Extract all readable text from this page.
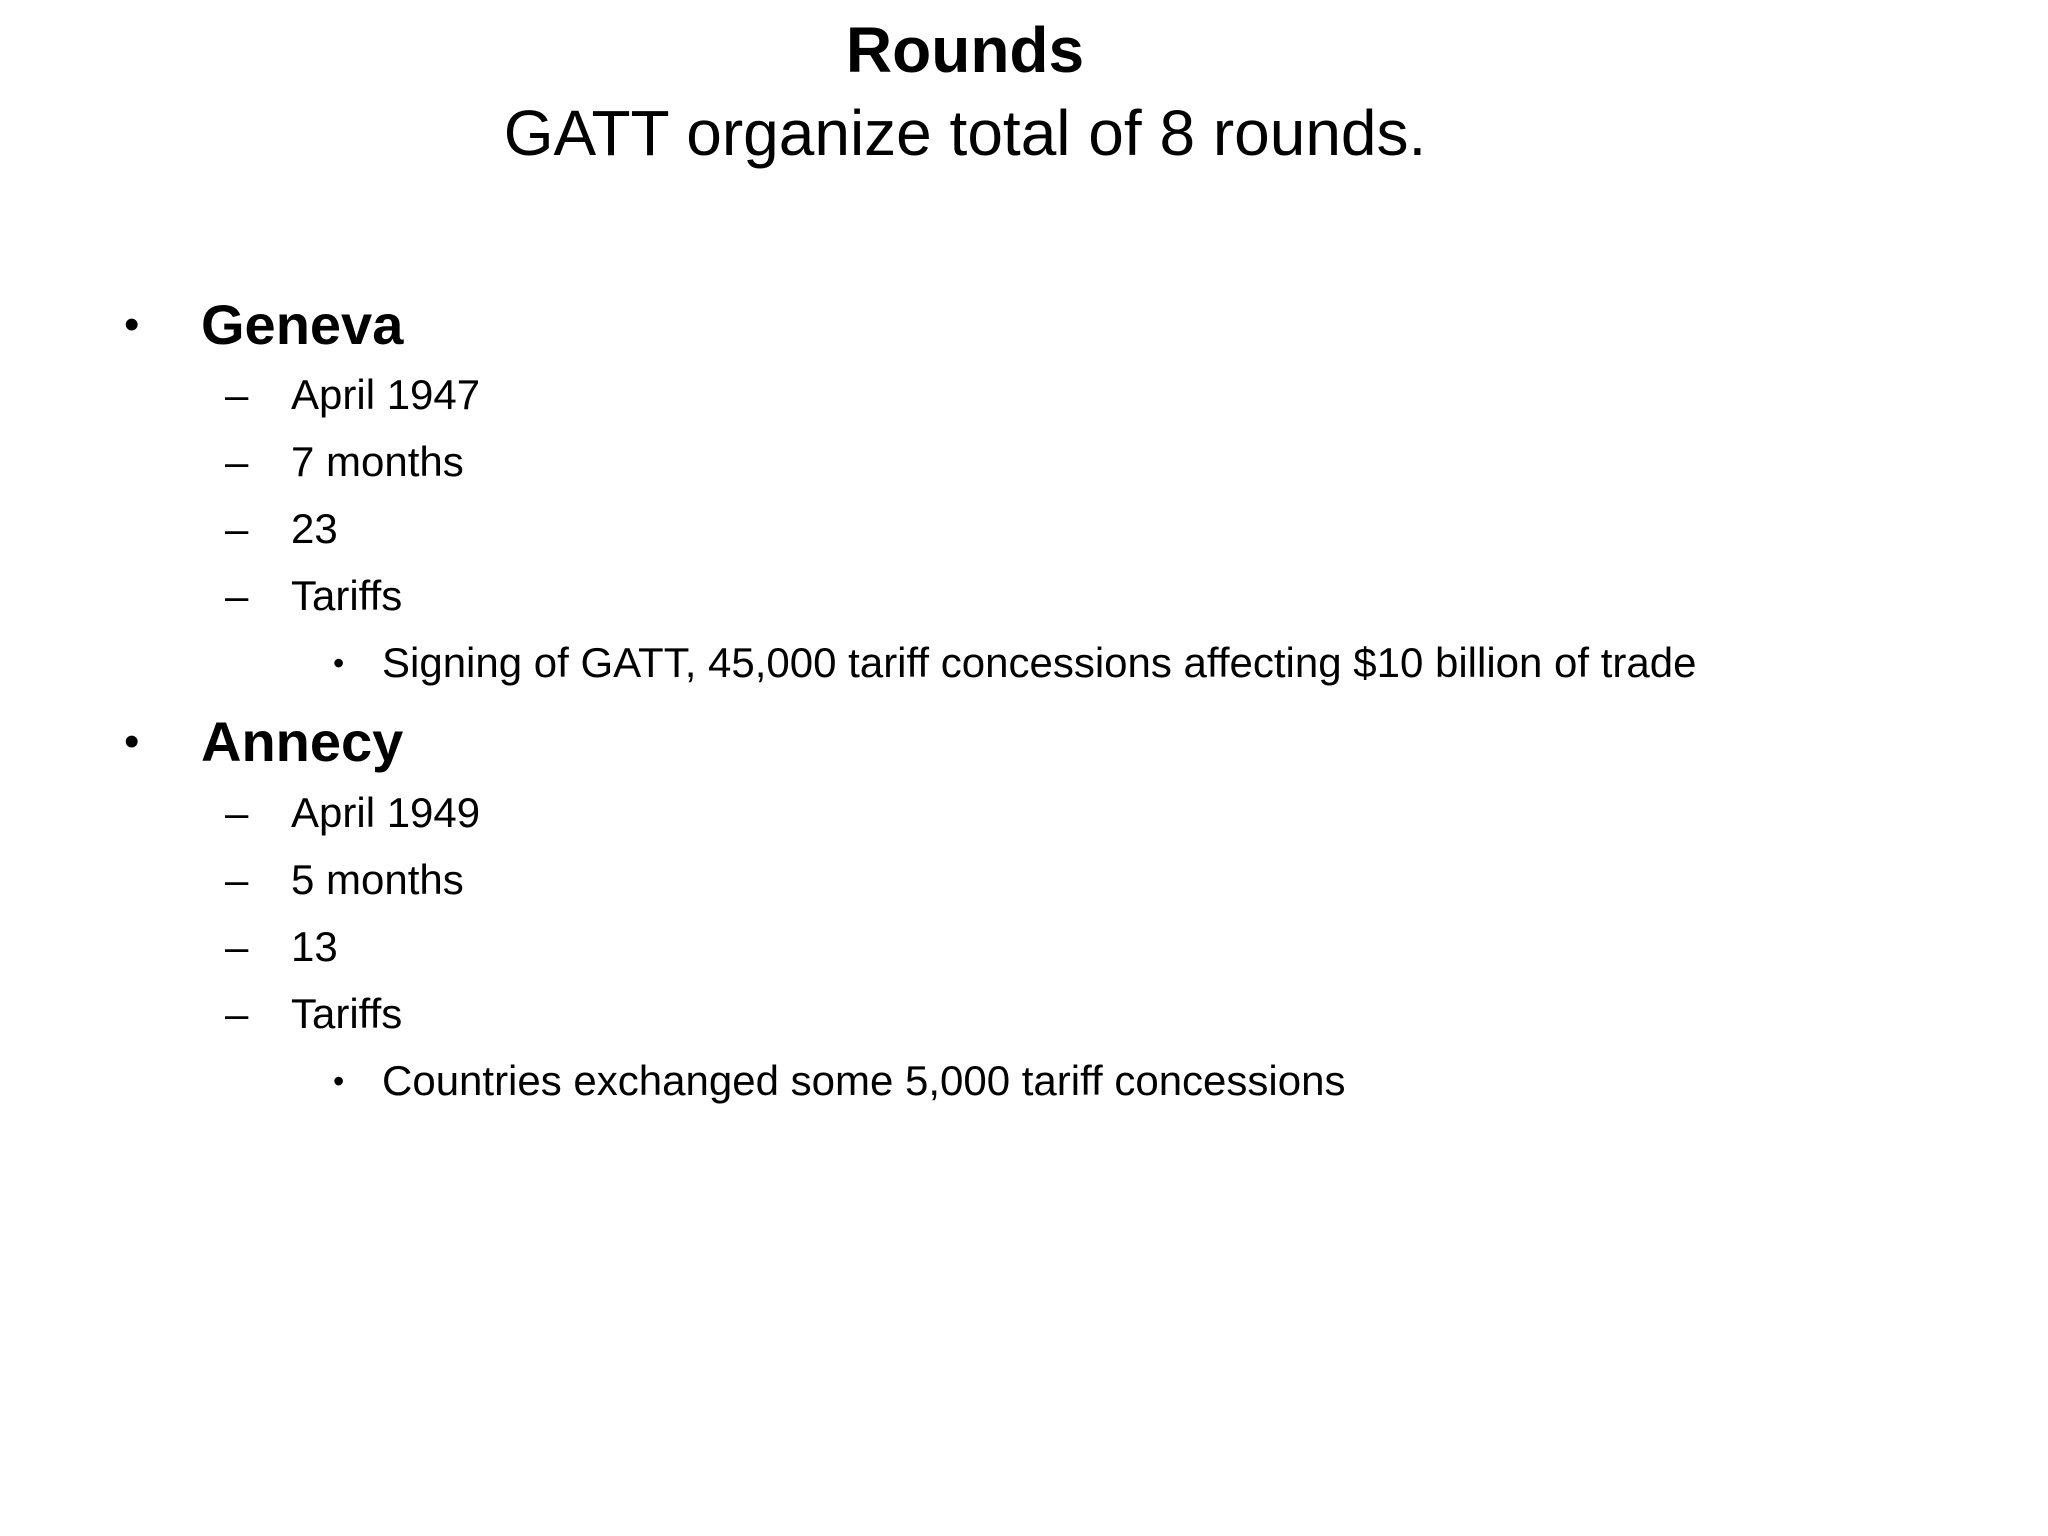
Rounds
GATT organize total of 8 rounds.
• Geneva
– April 1947
– 7 months
– 23
– Tariffs
• Signing of GATT, 45,000 tariff concessions affecting $10 billion of trade
• Annecy
– April 1949
– 5 months
– 13
– Tariffs
• Countries exchanged some 5,000 tariff concessions
